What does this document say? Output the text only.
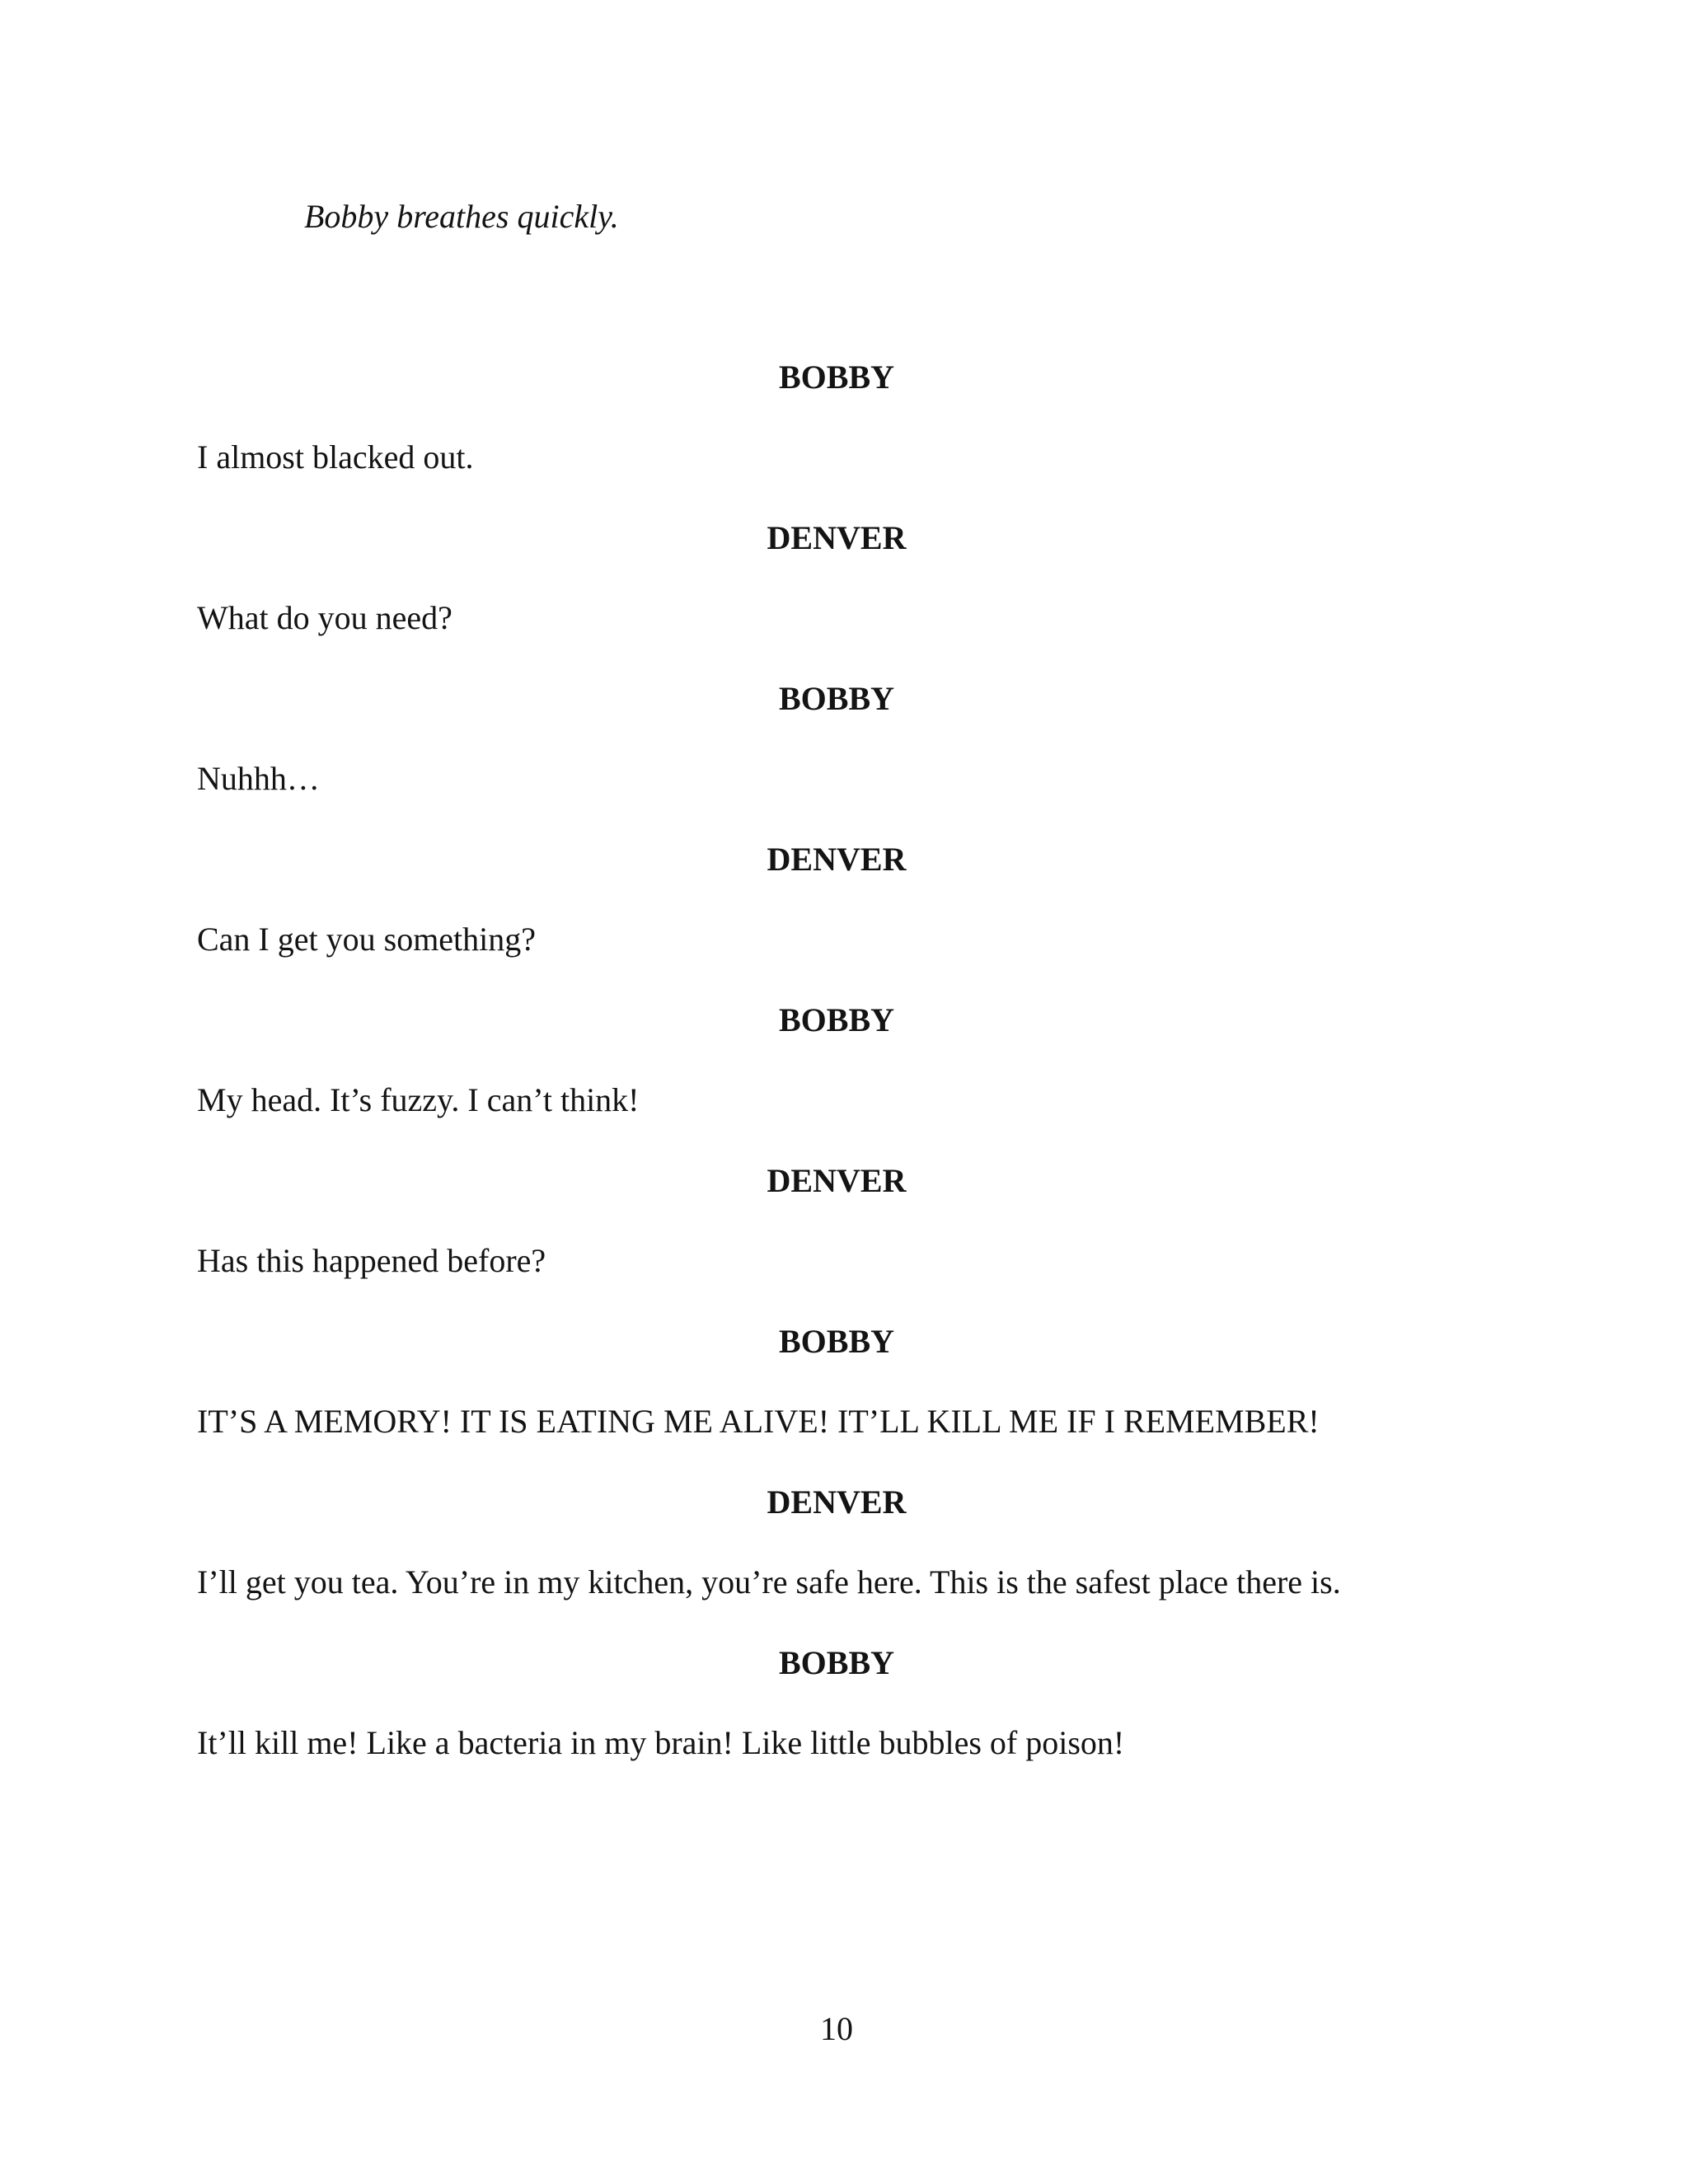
Bobby breathes quickly.
BOBBY
I almost blacked out.
DENVER
What do you need?
BOBBY
Nuhhh…
DENVER
Can I get you something?
BOBBY
My head. It’s fuzzy. I can’t think!
DENVER
Has this happened before?
BOBBY
IT’S A MEMORY! IT IS EATING ME ALIVE! IT’LL KILL ME IF I REMEMBER!
DENVER
I’ll get you tea. You’re in my kitchen, you’re safe here. This is the safest place there is.
BOBBY
It’ll kill me! Like a bacteria in my brain! Like little bubbles of poison!
10
